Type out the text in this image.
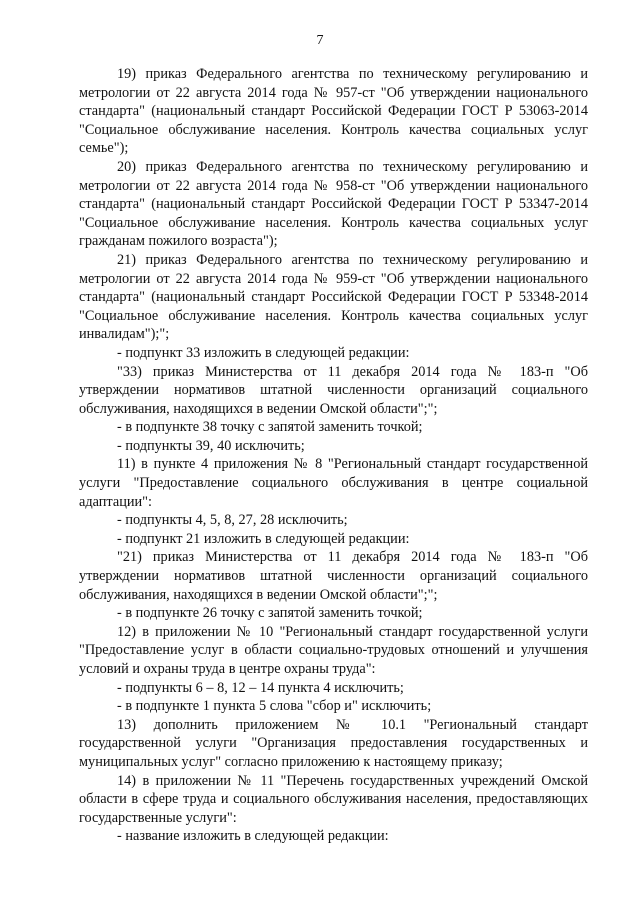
7

19) приказ Федерального агентства по техническому регулированию и метрологии от 22 августа 2014 года № 957-ст "Об утверждении национального стандарта" (национальный стандарт Российской Федерации ГОСТ Р 53063-2014 "Социальное обслуживание населения. Контроль качества социальных услуг семье");

20) приказ Федерального агентства по техническому регулированию и метрологии от 22 августа 2014 года № 958-ст "Об утверждении национального стандарта" (национальный стандарт Российской Федерации ГОСТ Р 53347-2014 "Социальное обслуживание населения. Контроль качества социальных услуг гражданам пожилого возраста");

21) приказ Федерального агентства по техническому регулированию и метрологии от 22 августа 2014 года № 959-ст "Об утверждении национального стандарта" (национальный стандарт Российской Федерации ГОСТ Р 53348-2014 "Социальное обслуживание населения. Контроль качества социальных услуг инвалидам");";

- подпункт 33 изложить в следующей редакции:

"33) приказ Министерства от 11 декабря 2014 года № 183-п "Об утверждении нормативов штатной численности организаций социального обслуживания, находящихся в ведении Омской области";";

- в подпункте 38 точку с запятой заменить точкой;

- подпункты 39, 40 исключить;

11) в пункте 4 приложения № 8 "Региональный стандарт государственной услуги "Предоставление социального обслуживания в центре социальной адаптации":

- подпункты 4, 5, 8, 27, 28 исключить;

- подпункт 21 изложить в следующей редакции:

"21) приказ Министерства от 11 декабря 2014 года № 183-п "Об утверждении нормативов штатной численности организаций социального обслуживания, находящихся в ведении Омской области";";

- в подпункте 26 точку с запятой заменить точкой;

12) в приложении № 10 "Региональный стандарт государственной услуги "Предоставление услуг в области социально-трудовых отношений и улучшения условий и охраны труда в центре охраны труда":

- подпункты 6 – 8, 12 – 14 пункта 4 исключить;

- в подпункте 1 пункта 5 слова "сбор и" исключить;

13) дополнить приложением № 10.1 "Региональный стандарт государственной услуги "Организация предоставления государственных и муниципальных услуг" согласно приложению к настоящему приказу;

14) в приложении № 11 "Перечень государственных учреждений Омской области в сфере труда и социального обслуживания населения, предоставляющих государственные услуги":

- название изложить в следующей редакции:
